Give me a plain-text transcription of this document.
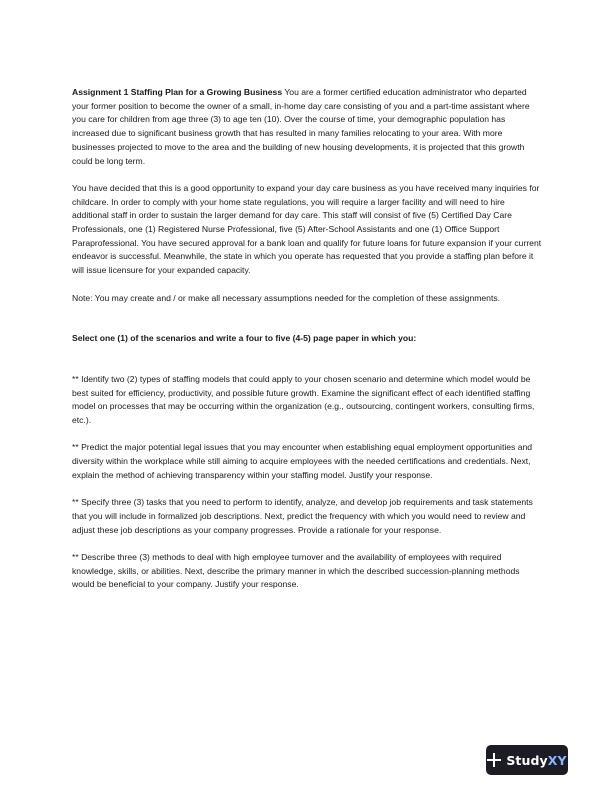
Assignment 1 Staffing Plan for a Growing Business You are a former certified education administrator who departed your former position to become the owner of a small, in-home day care consisting of you and a part-time assistant where you care for children from age three (3) to age ten (10). Over the course of time, your demographic population has increased due to significant business growth that has resulted in many families relocating to your area. With more businesses projected to move to the area and the building of new housing developments, it is projected that this growth could be long term.

You have decided that this is a good opportunity to expand your day care business as you have received many inquiries for childcare. In order to comply with your home state regulations, you will require a larger facility and will need to hire additional staff in order to sustain the larger demand for day care. This staff will consist of five (5) Certified Day Care Professionals, one (1) Registered Nurse Professional, five (5) After-School Assistants and one (1) Office Support Paraprofessional. You have secured approval for a bank loan and qualify for future loans for future expansion if your current endeavor is successful. Meanwhile, the state in which you operate has requested that you provide a staffing plan before it will issue licensure for your expanded capacity.

Note: You may create and / or make all necessary assumptions needed for the completion of these assignments.

Select one (1) of the scenarios and write a four to five (4-5) page paper in which you:

** Identify two (2) types of staffing models that could apply to your chosen scenario and determine which model would be best suited for efficiency, productivity, and possible future growth. Examine the significant effect of each identified staffing model on processes that may be occurring within the organization (e.g., outsourcing, contingent workers, consulting firms, etc.).

** Predict the major potential legal issues that you may encounter when establishing equal employment opportunities and diversity within the workplace while still aiming to acquire employees with the needed certifications and credentials. Next, explain the method of achieving transparency within your staffing model. Justify your response.

** Specify three (3) tasks that you need to perform to identify, analyze, and develop job requirements and task statements that you will include in formalized job descriptions. Next, predict the frequency with which you would need to review and adjust these job descriptions as your company progresses. Provide a rationale for your response.

** Describe three (3) methods to deal with high employee turnover and the availability of employees with required knowledge, skills, or abilities. Next, describe the primary manner in which the described succession-planning methods would be beneficial to your company. Justify your response.

StudyXY
